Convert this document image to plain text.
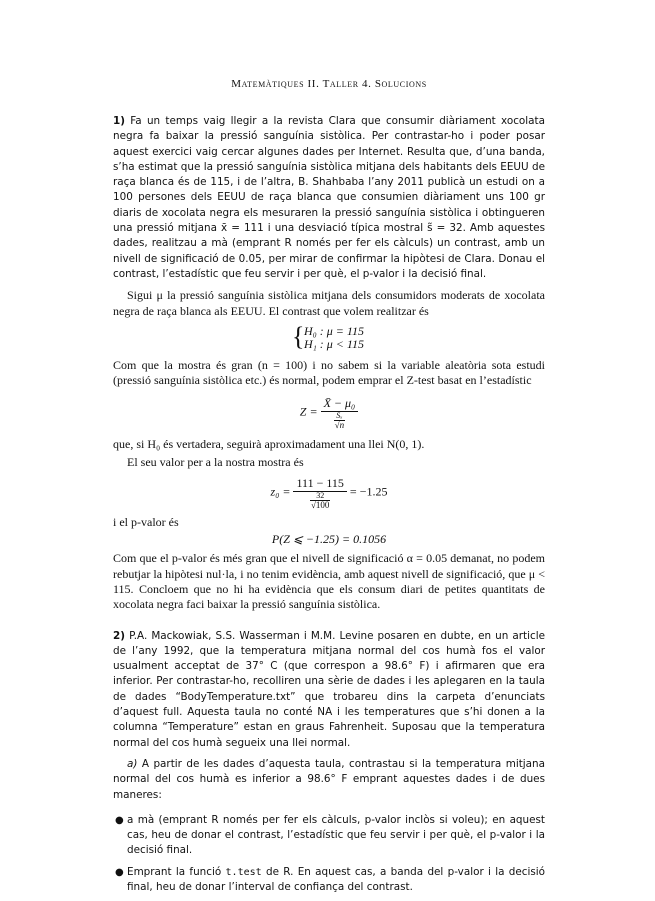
Matemàtiques II. Taller 4. Solucions

1) Fa un temps vaig llegir a la revista Clara que consumir diàriament xocolata negra fa baixar la pressió sanguínia sistòlica. Per contrastar-ho i poder posar aquest exercici vaig cercar algunes dades per Internet. Resulta que, d’una banda, s’ha estimat que la pressió sanguínia sistòlica mitjana dels habitants dels EEUU de raça blanca és de 115, i de l’altra, B. Shahbaba l’any 2011 publicà un estudi on a 100 persones dels EEUU de raça blanca que consumien diàriament uns 100 gr diaris de xocolata negra els mesuraren la pressió sanguínia sistòlica i obtingueren una pressió mitjana x̄ = 111 i una desviació típica mostral s̃ = 32. Amb aquestes dades, realitzau a mà (emprant R només per fer els càlculs) un contrast, amb un nivell de significació de 0.05, per mirar de confirmar la hipòtesi de Clara. Donau el contrast, l’estadístic que feu servir i per què, el p-valor i la decisió final.

Sigui μ la pressió sanguínia sistòlica mitjana dels consumidors moderats de xocolata negra de raça blanca als EEUU. El contrast que volem realitzar és

{ H₀ : μ = 115
H₁ : μ < 115

Com que la mostra és gran (n = 100) i no sabem si la variable aleatòria sota estudi (pressió sanguínia sistòlica etc.) és normal, podem emprar el Z-test basat en l’estadístic

$Z = \frac{\text{X̄ − μ₀}}{\frac{\text{S̃ₓ}}{√n}}$

que, si H₀ és vertadera, seguirà aproximadament una llei N(0, 1).

El seu valor per a la nostra mostra és

$z_0 = \frac{111 - 115}{\frac{32}{√100}} = -1.25$

i el p-valor és

P(Z ⩽ −1.25) = 0.1056

Com que el p-valor és més gran que el nivell de significació α = 0.05 demanat, no podem rebutjar la hipòtesi nul·la, i no tenim evidència, amb aquest nivell de significació, que μ < 115. Concloem que no hi ha evidència que els consum diari de petites quantitats de xocolata negra faci baixar la pressió sanguínia sistòlica.

2) P.A. Mackowiak, S.S. Wasserman i M.M. Levine posaren en dubte, en un article de l’any 1992, que la temperatura mitjana normal del cos humà fos el valor usualment acceptat de 37° C (que correspon a 98.6° F) i afirmaren que era inferior. Per contrastar-ho, recolliren una sèrie de dades i les aplegaren en la taula de dades “BodyTemperature.txt” que trobareu dins la carpeta d’enunciats d’aquest full. Aquesta taula no conté NA i les temperatures que s’hi donen a la columna “Temperature” estan en graus Fahrenheit. Suposau que la temperatura normal del cos humà segueix una llei normal.

a) A partir de les dades d’aquesta taula, contrastau si la temperatura mitjana normal del cos humà es inferior a 98.6° F emprant aquestes dades i de dues maneres:

● a mà (emprant R només per fer els càlculs, p-valor inclòs si voleu); en aquest cas, heu de donar el contrast, l’estadístic que feu servir i per què, el p-valor i la decisió final.
● Emprant la funció t.test de R. En aquest cas, a banda del p-valor i la decisió final, heu de donar l’interval de confiança del contrast.
